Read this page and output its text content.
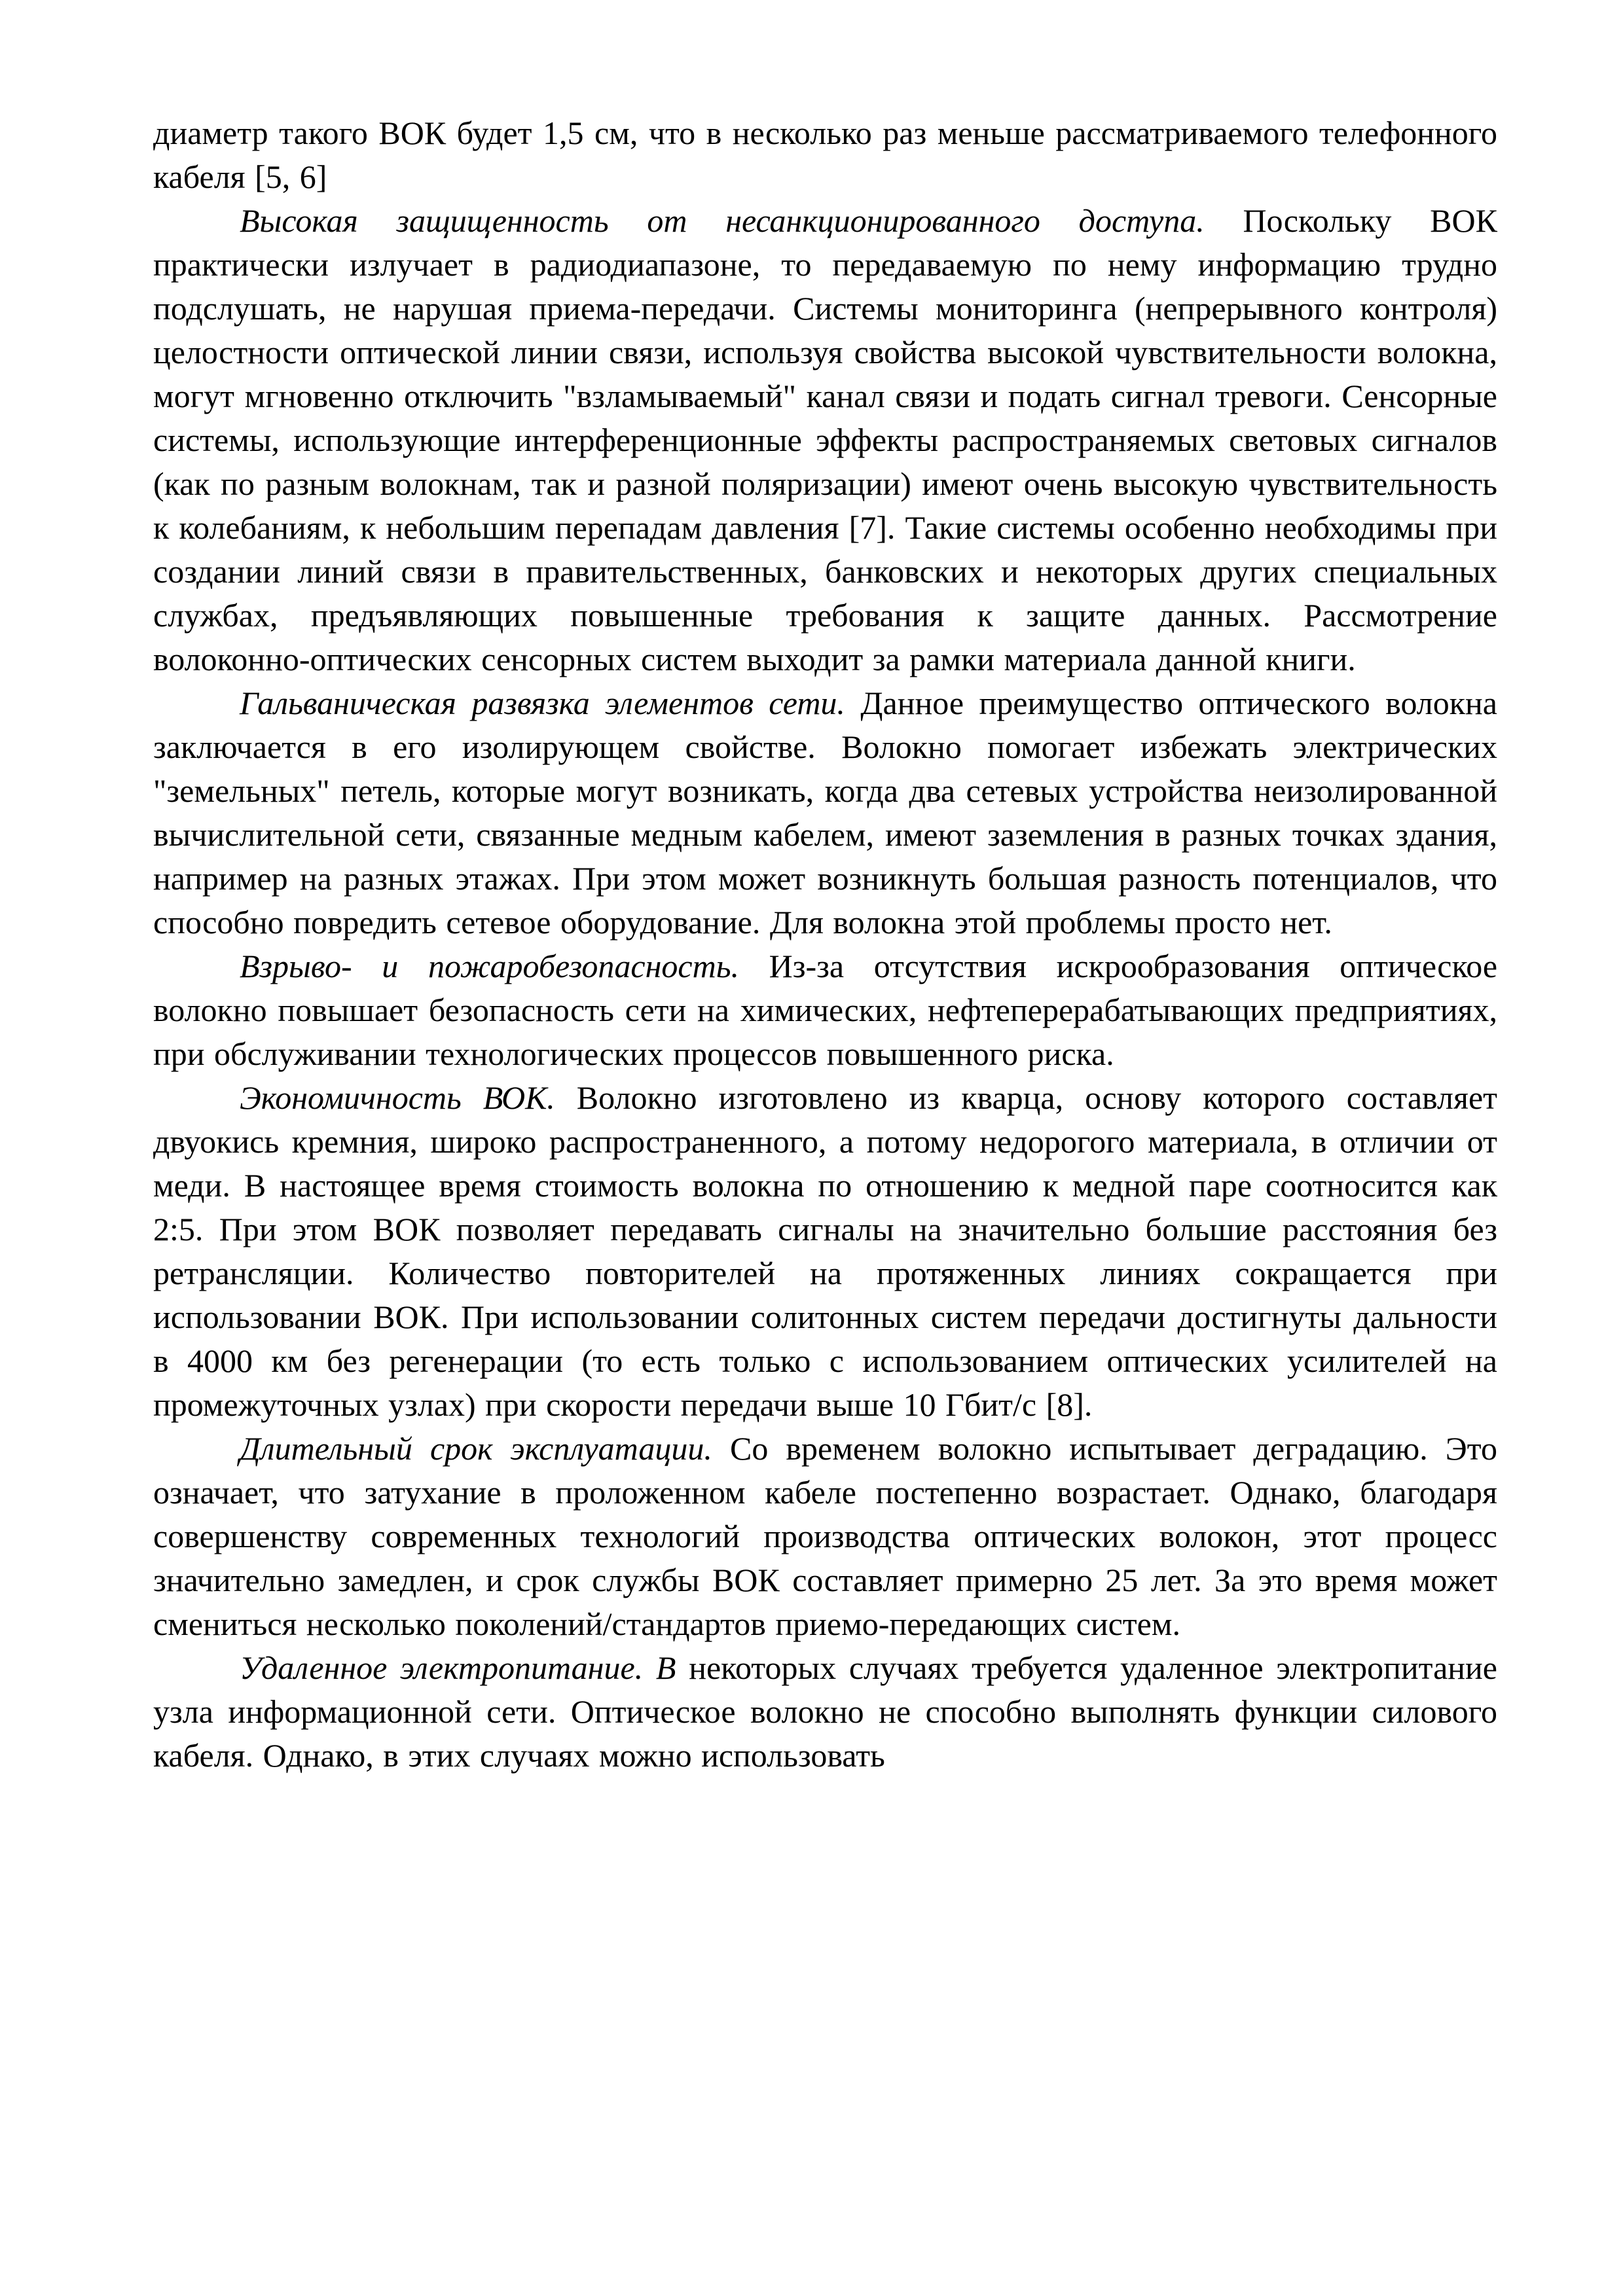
диаметр такого ВОК будет 1,5 см, что в несколько раз меньше рассматриваемого телефонного кабеля [5, 6]

Высокая защищенность от несанкционированного доступа. Поскольку ВОК практически излучает в радиодиапазоне, то передаваемую по нему информацию трудно подслушать, не нарушая приема-передачи. Системы мониторинга (непрерывного контроля) целостности оптической линии связи, используя свойства высокой чувствительности волокна, могут мгновенно отключить "взламываемый" канал связи и подать сигнал тревоги. Сенсорные системы, использующие интерференционные эффекты распространяемых световых сигналов (как по разным волокнам, так и разной поляризации) имеют очень высокую чувствительность к колебаниям, к небольшим перепадам давления [7]. Такие системы особенно необходимы при создании линий связи в правительственных, банковских и некоторых других специальных службах, предъявляющих повышенные требования к защите данных. Рассмотрение волоконно-оптических сенсорных систем выходит за рамки материала данной книги.

Гальваническая развязка элементов сети. Данное преимущество оптического волокна заключается в его изолирующем свойстве. Волокно помогает избежать электрических "земельных" петель, которые могут возникать, когда два сетевых устройства неизолированной вычислительной сети, связанные медным кабелем, имеют заземления в разных точках здания, например на разных этажах. При этом может возникнуть большая разность потенциалов, что способно повредить сетевое оборудование. Для волокна этой проблемы просто нет.

Взрыво- и пожаробезопасность. Из-за отсутствия искрообразования оптическое волокно повышает безопасность сети на химических, нефтеперерабатывающих предприятиях, при обслуживании технологических процессов повышенного риска.

Экономичность ВОК. Волокно изготовлено из кварца, основу которого составляет двуокись кремния, широко распространенного, а потому недорогого материала, в отличии от меди. В настоящее время стоимость волокна по отношению к медной паре соотносится как 2:5. При этом ВОК позволяет передавать сигналы на значительно большие расстояния без ретрансляции. Количество повторителей на протяженных линиях сокращается при использовании ВОК. При использовании солитонных систем передачи достигнуты дальности в 4000 км без регенерации (то есть только с использованием оптических усилителей на промежуточных узлах) при скорости передачи выше 10 Гбит/с [8].

Длительный срок эксплуатации. Со временем волокно испытывает деградацию. Это означает, что затухание в проложенном кабеле постепенно возрастает. Однако, благодаря совершенству современных технологий производства оптических волокон, этот процесс значительно замедлен, и срок службы ВОК составляет примерно 25 лет. За это время может смениться несколько поколений/стандартов приемо-передающих систем.

Удаленное электропитание. В некоторых случаях требуется удаленное электропитание узла информационной сети. Оптическое волокно не способно выполнять функции силового кабеля. Однако, в этих случаях можно использовать
